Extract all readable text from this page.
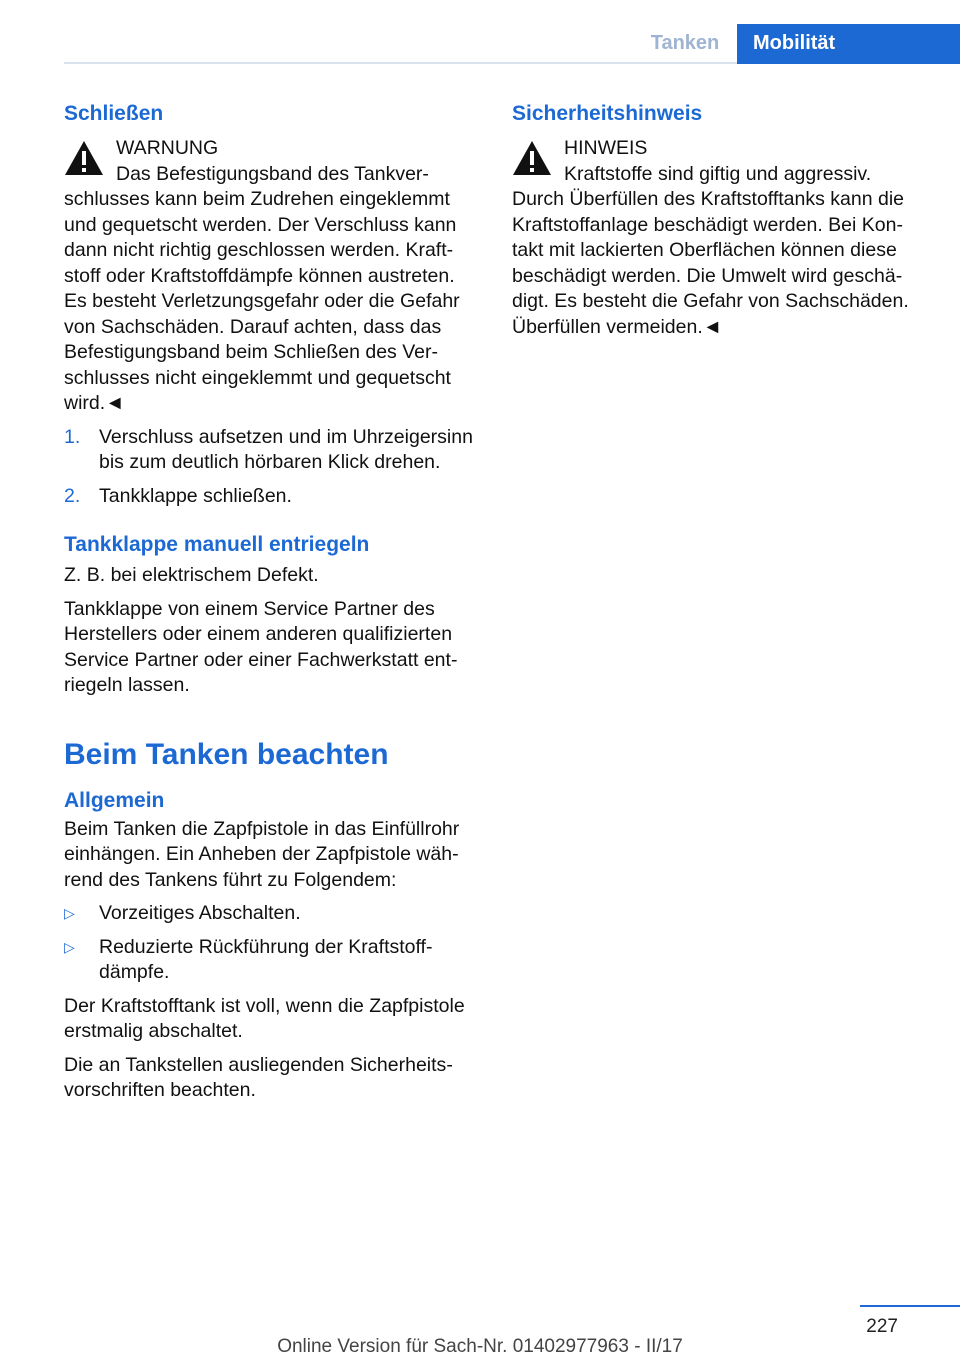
Tanken	Mobilität
Schließen
WARNUNG
Das Befestigungsband des Tankverschlusses kann beim Zudrehen eingeklemmt und gequetscht werden. Der Verschluss kann dann nicht richtig geschlossen werden. Kraftstoff oder Kraftstoffdämpfe können austreten. Es besteht Verletzungsgefahr oder die Gefahr von Sachschäden. Darauf achten, dass das Befestigungsband beim Schließen des Verschlusses nicht eingeklemmt und gequetscht wird.◄
1. Verschluss aufsetzen und im Uhrzeigersinn bis zum deutlich hörbaren Klick drehen.
2. Tankklappe schließen.
Tankklappe manuell entriegeln

Z. B. bei elektrischem Defekt.

Tankklappe von einem Service Partner des Herstellers oder einem anderen qualifizierten Service Partner oder einer Fachwerkstatt entriegeln lassen.

Beim Tanken beachten
Allgemein

Beim Tanken die Zapfpistole in das Einfüllrohr einhängen. Ein Anheben der Zapfpistole während des Tankens führt zu Folgendem:

▷ Vorzeitiges Abschalten.
▷ Reduzierte Rückführung der Kraftstoffdämpfe.

Der Kraftstofftank ist voll, wenn die Zapfpistole erstmalig abschaltet.

Die an Tankstellen ausliegenden Sicherheitsvorschriften beachten.

Sicherheitshinweis
HINWEIS
Kraftstoffe sind giftig und aggressiv. Durch Überfüllen des Kraftstofftanks kann die Kraftstoffanlage beschädigt werden. Bei Kontakt mit lackierten Oberflächen können diese beschädigt werden. Die Umwelt wird geschädigt. Es besteht die Gefahr von Sachschäden. Überfüllen vermeiden.◄
227
Online Version für Sach-Nr. 01402977963 - II/17
